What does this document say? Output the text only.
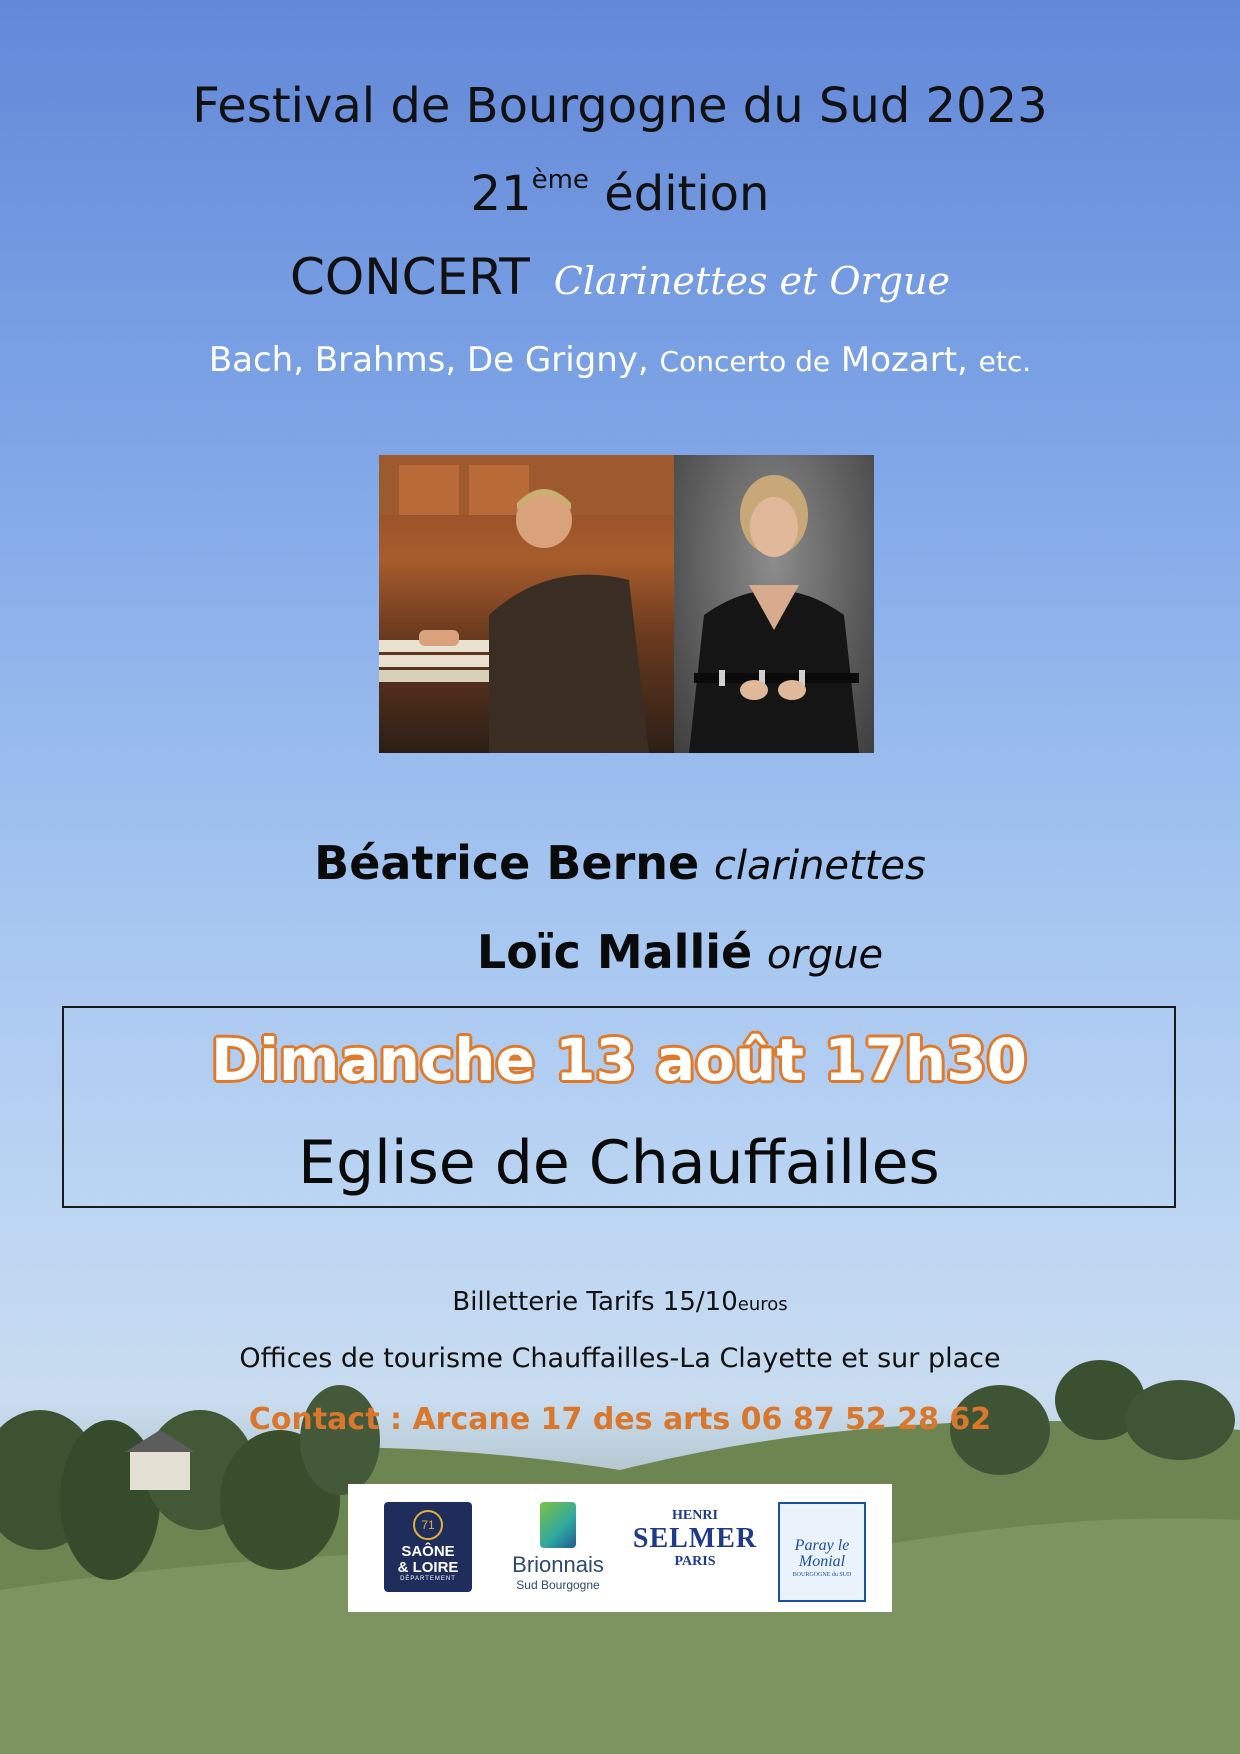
Festival de Bourgogne du Sud 2023
21ème édition
CONCERT Clarinettes et Orgue
Bach, Brahms, De Grigny, Concerto de Mozart, etc.
Béatrice Berne clarinettes
Loïc Mallié orgue
Dimanche 13 août 17h30
Eglise de Chauffailles
Billetterie Tarifs 15/10euros
Offices de tourisme Chauffailles-La Clayette et sur place
Contact : Arcane 17 des arts 06 87 52 28 62
71
SAÔNE
& LOIRE
DÉPARTEMENT
Brionnais
Sud Bourgogne
HENRI
SELMER
PARIS
Paray le Monial
BOURGOGNE du SUD
